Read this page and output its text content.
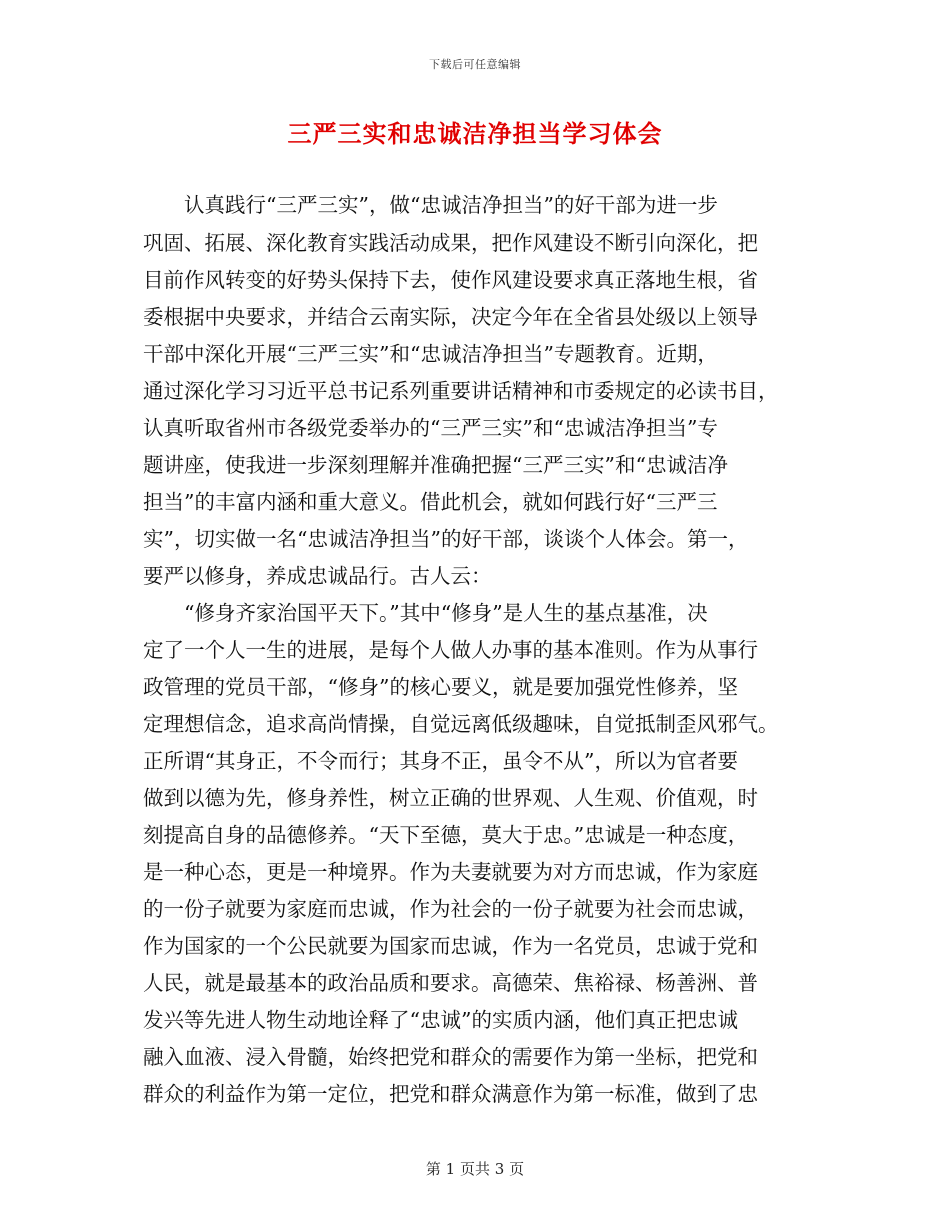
下载后可任意编辑
三严三实和忠诚洁净担当学习体会
　　认真践行“三严三实”，做“忠诚洁净担当”的好干部为进一步
巩固、拓展、深化教育实践活动成果，把作风建设不断引向深化，把
目前作风转变的好势头保持下去，使作风建设要求真正落地生根，省
委根据中央要求，并结合云南实际，决定今年在全省县处级以上领导
干部中深化开展“三严三实”和“忠诚洁净担当”专题教育。近期，
通过深化学习习近平总书记系列重要讲话精神和市委规定的必读书目，
认真听取省州市各级党委举办的“三严三实”和“忠诚洁净担当”专
题讲座，使我进一步深刻理解并准确把握“三严三实”和“忠诚洁净
担当”的丰富内涵和重大意义。借此机会，就如何践行好“三严三
实”，切实做一名“忠诚洁净担当”的好干部，谈谈个人体会。第一，
要严以修身，养成忠诚品行。古人云：
　　“修身齐家治国平天下。”其中“修身”是人生的基点基准，决
定了一个人一生的进展，是每个人做人办事的基本准则。作为从事行
政管理的党员干部，“修身”的核心要义，就是要加强党性修养，坚
定理想信念，追求高尚情操，自觉远离低级趣味，自觉抵制歪风邪气。
正所谓“其身正，不令而行；其身不正，虽令不从”，所以为官者要
做到以德为先，修身养性，树立正确的世界观、人生观、价值观，时
刻提高自身的品德修养。“天下至德，莫大于忠。”忠诚是一种态度，
是一种心态，更是一种境界。作为夫妻就要为对方而忠诚，作为家庭
的一份子就要为家庭而忠诚，作为社会的一份子就要为社会而忠诚，
作为国家的一个公民就要为国家而忠诚，作为一名党员，忠诚于党和
人民，就是最基本的政治品质和要求。高德荣、焦裕禄、杨善洲、普
发兴等先进人物生动地诠释了“忠诚”的实质内涵，他们真正把忠诚
融入血液、浸入骨髓，始终把党和群众的需要作为第一坐标，把党和
群众的利益作为第一定位，把党和群众满意作为第一标准，做到了忠
第 1 页共 3 页
